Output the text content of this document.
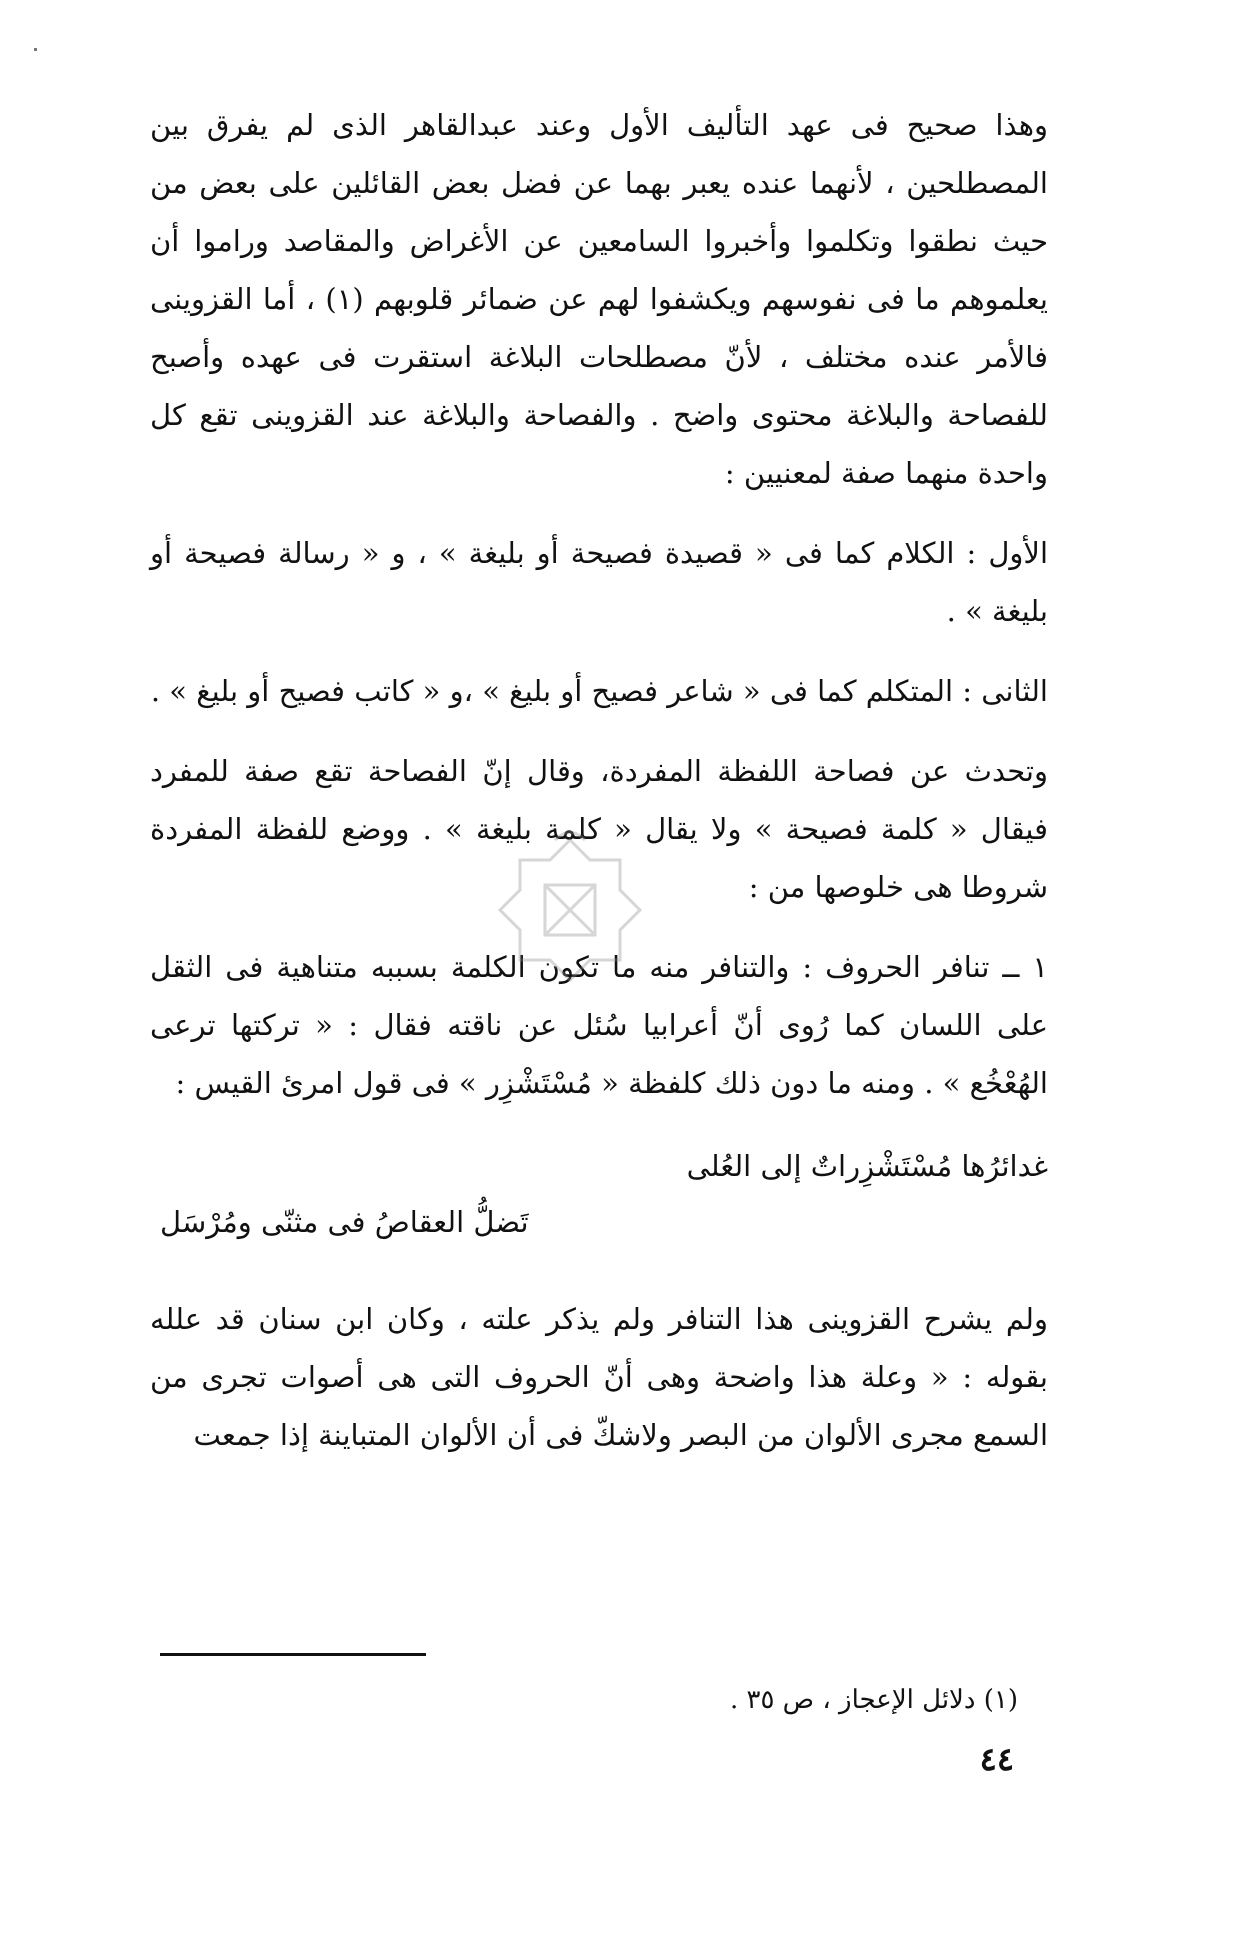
وهذا صحيح فى عهد التأليف الأول وعند عبدالقاهر الذى لم يفرق بين المصطلحين ، لأنهما عنده يعبر بهما عن فضل بعض القائلين على بعض من حيث نطقوا وتكلموا وأخبروا السامعين عن الأغراض والمقاصد وراموا أن يعلموهم ما فى نفوسهم ويكشفوا لهم عن ضمائر قلوبهم (١) ، أما القزوينى فالأمر عنده مختلف ، لأنّ مصطلحات البلاغة استقرت فى عهده وأصبح للفصاحة والبلاغة محتوى واضح . والفصاحة والبلاغة عند القزوينى تقع كل واحدة منهما صفة لمعنيين :

الأول : الكلام كما فى « قصيدة فصيحة أو بليغة » ، و « رسالة فصيحة أو بليغة » .

الثانى : المتكلم كما فى « شاعر فصيح أو بليغ » ،و « كاتب فصيح أو بليغ » .

وتحدث عن فصاحة اللفظة المفردة، وقال إنّ الفصاحة تقع صفة للمفرد فيقال « كلمة فصيحة » ولا يقال « كلمة بليغة » . ووضع للفظة المفردة شروطا هى خلوصها من :

١ ــ تنافر الحروف : والتنافر منه ما تكون الكلمة بسببه متناهية فى الثقل على اللسان كما رُوى أنّ أعرابيا سُئل عن ناقته فقال : « تركتها ترعى الهُعْخُع » . ومنه ما دون ذلك كلفظة « مُسْتَشْزِر » فى قول امرئ القيس :

غدائرُها مُسْتَشْزِراتٌ إلى العُلى
تَضلُّ العقاصُ فى مثنّى ومُرْسَل

ولم يشرح القزوينى هذا التنافر ولم يذكر علته ، وكان ابن سنان قد علله بقوله : « وعلة هذا واضحة وهى أنّ الحروف التى هى أصوات تجرى من السمع مجرى الألوان من البصر ولاشكّ فى أن الألوان المتباينة إذا جمعت

(١) دلائل الإعجاز ، ص ٣٥ .
٤٤
